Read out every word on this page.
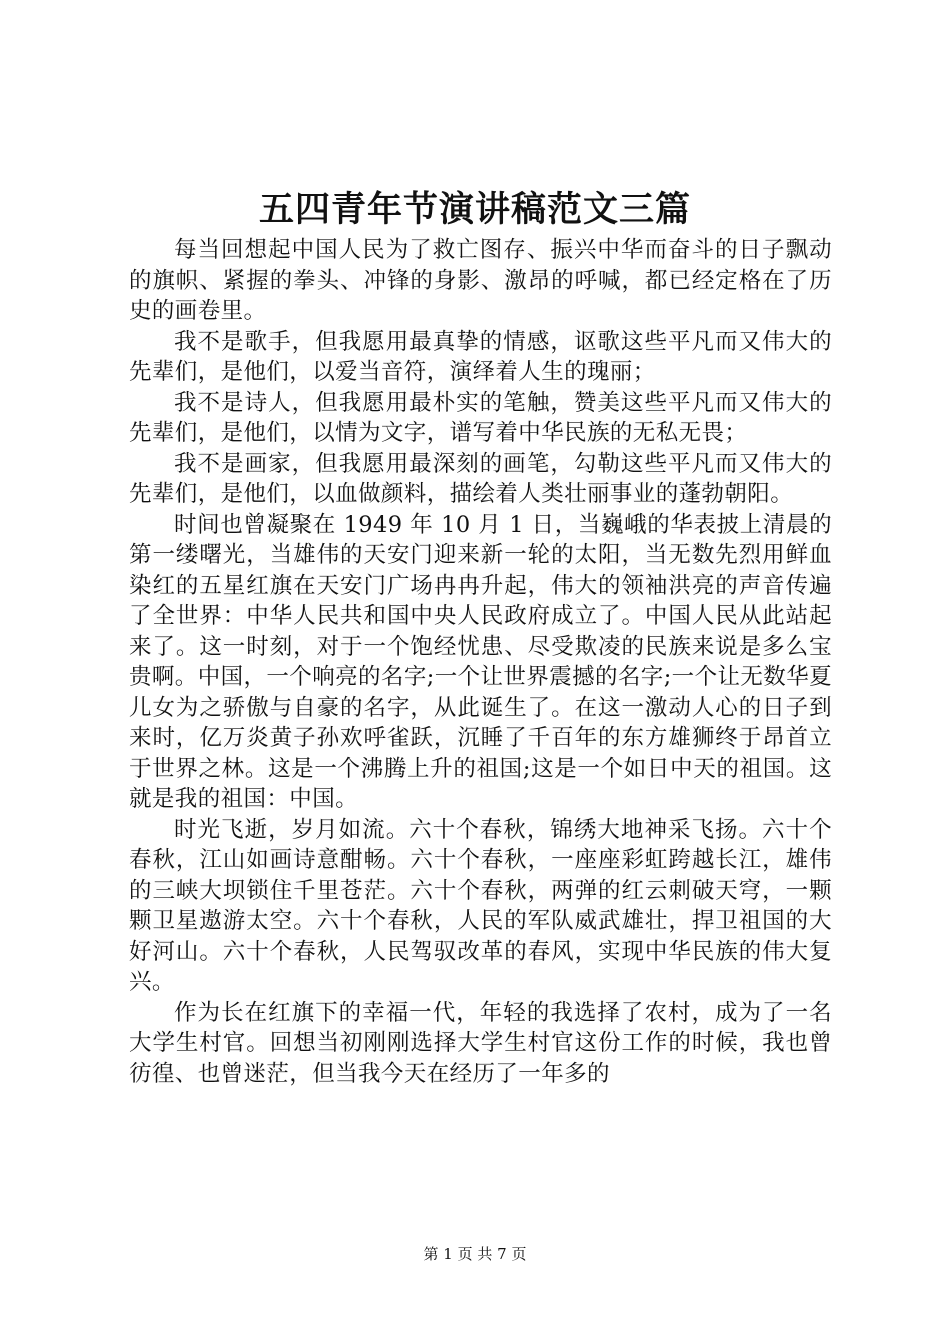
五四青年节演讲稿范文三篇

每当回想起中国人民为了救亡图存、振兴中华而奋斗的日子飘动的旗帜、紧握的拳头、冲锋的身影、激昂的呼喊，都已经定格在了历史的画卷里。

我不是歌手，但我愿用最真挚的情感，讴歌这些平凡而又伟大的先辈们，是他们，以爱当音符，演绎着人生的瑰丽；

我不是诗人，但我愿用最朴实的笔触，赞美这些平凡而又伟大的先辈们，是他们，以情为文字，谱写着中华民族的无私无畏；

我不是画家，但我愿用最深刻的画笔，勾勒这些平凡而又伟大的先辈们，是他们，以血做颜料，描绘着人类壮丽事业的蓬勃朝阳。

时间也曾凝聚在 1949 年 10 月 1 日，当巍峨的华表披上清晨的第一缕曙光，当雄伟的天安门迎来新一轮的太阳，当无数先烈用鲜血染红的五星红旗在天安门广场冉冉升起，伟大的领袖洪亮的声音传遍了全世界：中华人民共和国中央人民政府成立了。中国人民从此站起来了。这一时刻，对于一个饱经忧患、尽受欺凌的民族来说是多么宝贵啊。中国，一个响亮的名字;一个让世界震撼的名字;一个让无数华夏儿女为之骄傲与自豪的名字，从此诞生了。在这一激动人心的日子到来时，亿万炎黄子孙欢呼雀跃，沉睡了千百年的东方雄狮终于昂首立于世界之林。这是一个沸腾上升的祖国;这是一个如日中天的祖国。这就是我的祖国：中国。

时光飞逝，岁月如流。六十个春秋，锦绣大地神采飞扬。六十个春秋，江山如画诗意酣畅。六十个春秋，一座座彩虹跨越长江，雄伟的三峡大坝锁住千里苍茫。六十个春秋，两弹的红云刺破天穹，一颗颗卫星遨游太空。六十个春秋，人民的军队威武雄壮，捍卫祖国的大好河山。六十个春秋，人民驾驭改革的春风，实现中华民族的伟大复兴。

作为长在红旗下的幸福一代，年轻的我选择了农村，成为了一名大学生村官。回想当初刚刚选择大学生村官这份工作的时候，我也曾彷徨、也曾迷茫，但当我今天在经历了一年多的

第 1 页 共 7 页
